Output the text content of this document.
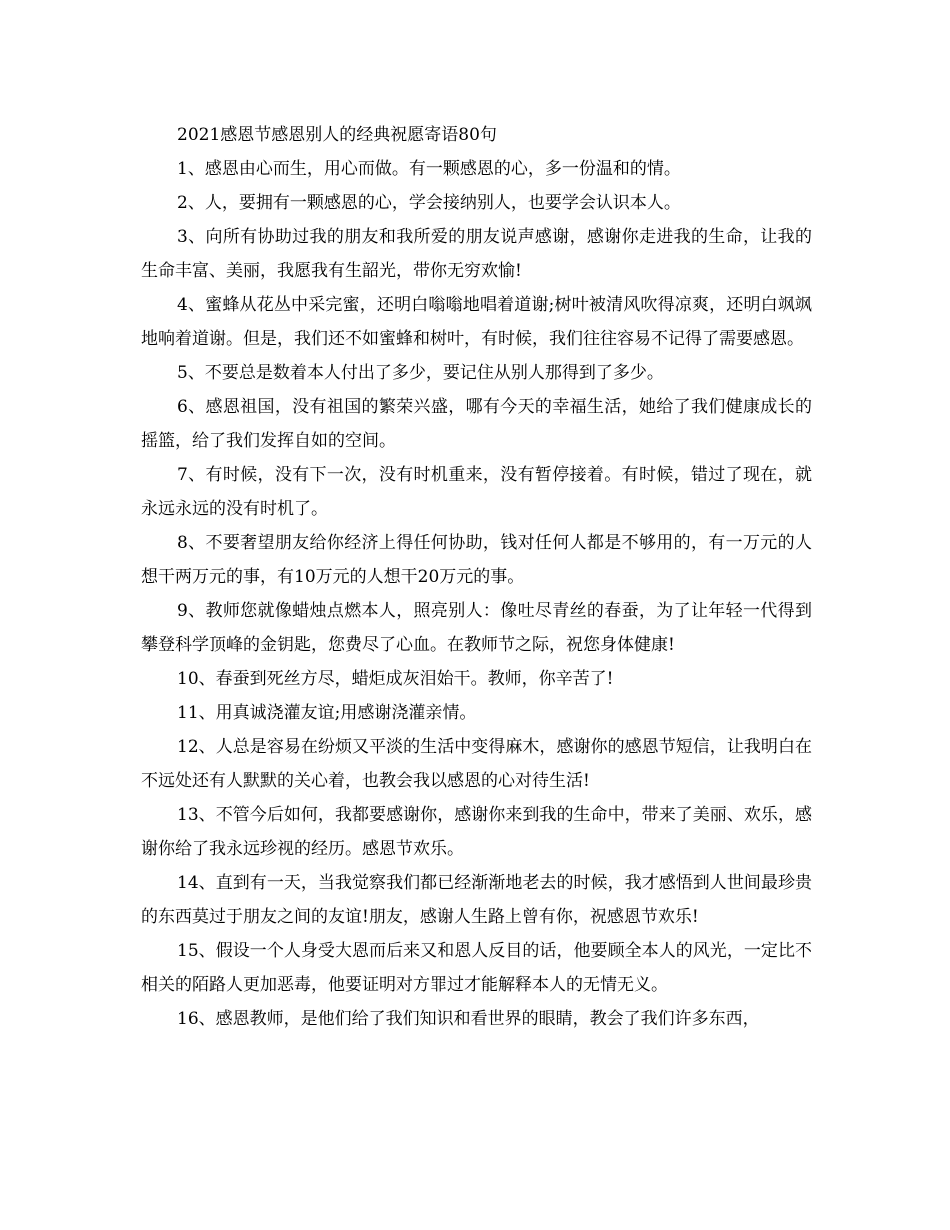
2021感恩节感恩别人的经典祝愿寄语80句

1、感恩由心而生，用心而做。有一颗感恩的心，多一份温和的情。

2、人，要拥有一颗感恩的心，学会接纳别人，也要学会认识本人。

3、向所有协助过我的朋友和我所爱的朋友说声感谢，感谢你走进我的生命，让我的生命丰富、美丽，我愿我有生韶光，带你无穷欢愉!

4、蜜蜂从花丛中采完蜜，还明白嗡嗡地唱着道谢;树叶被清风吹得凉爽，还明白飒飒地响着道谢。但是，我们还不如蜜蜂和树叶，有时候，我们往往容易不记得了需要感恩。

5、不要总是数着本人付出了多少，要记住从别人那得到了多少。

6、感恩祖国，没有祖国的繁荣兴盛，哪有今天的幸福生活，她给了我们健康成长的摇篮，给了我们发挥自如的空间。

7、有时候，没有下一次，没有时机重来，没有暂停接着。有时候，错过了现在，就永远永远的没有时机了。

8、不要奢望朋友给你经济上得任何协助，钱对任何人都是不够用的，有一万元的人想干两万元的事，有10万元的人想干20万元的事。

9、教师您就像蜡烛点燃本人，照亮别人：像吐尽青丝的春蚕，为了让年轻一代得到攀登科学顶峰的金钥匙，您费尽了心血。在教师节之际，祝您身体健康!

10、春蚕到死丝方尽，蜡炬成灰泪始干。教师，你辛苦了!

11、用真诚浇灌友谊;用感谢浇灌亲情。

12、人总是容易在纷烦又平淡的生活中变得麻木，感谢你的感恩节短信，让我明白在不远处还有人默默的关心着，也教会我以感恩的心对待生活!

13、不管今后如何，我都要感谢你，感谢你来到我的生命中，带来了美丽、欢乐，感谢你给了我永远珍视的经历。感恩节欢乐。

14、直到有一天，当我觉察我们都已经渐渐地老去的时候，我才感悟到人世间最珍贵的东西莫过于朋友之间的友谊!朋友，感谢人生路上曾有你，祝感恩节欢乐!

15、假设一个人身受大恩而后来又和恩人反目的话，他要顾全本人的风光，一定比不相关的陌路人更加恶毒，他要证明对方罪过才能解释本人的无情无义。

16、感恩教师，是他们给了我们知识和看世界的眼睛，教会了我们许多东西，
